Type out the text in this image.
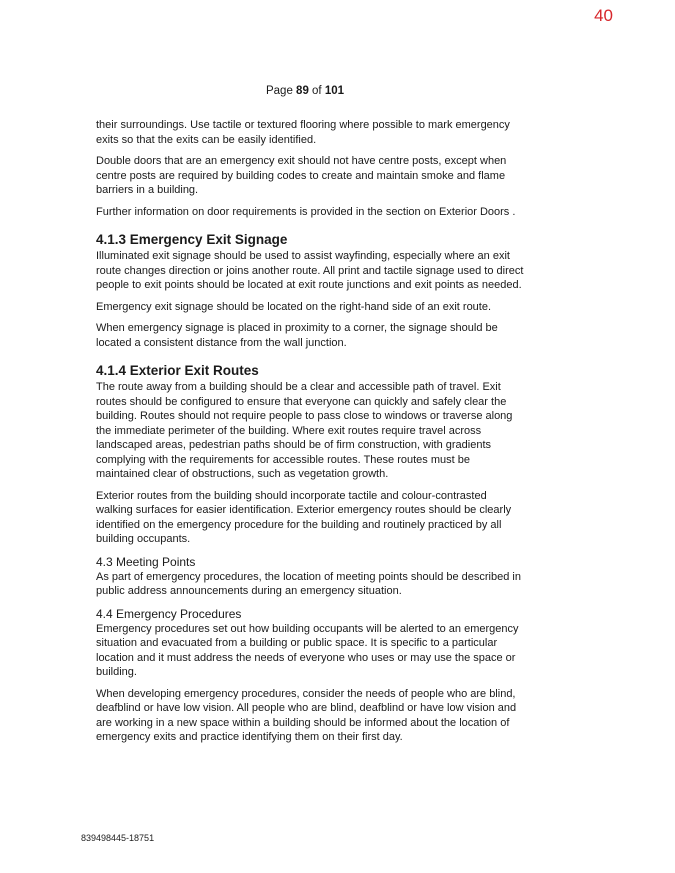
40
Page 89 of 101

their surroundings. Use tactile or textured flooring where possible to mark emergency exits so that the exits can be easily identified.

Double doors that are an emergency exit should not have centre posts, except when centre posts are required by building codes to create and maintain smoke and flame barriers in a building.

Further information on door requirements is provided in the section on Exterior Doors .

4.1.3 Emergency Exit Signage

Illuminated exit signage should be used to assist wayfinding, especially where an exit route changes direction or joins another route. All print and tactile signage used to direct people to exit points should be located at exit route junctions and exit points as needed.

Emergency exit signage should be located on the right-hand side of an exit route.

When emergency signage is placed in proximity to a corner, the signage should be located a consistent distance from the wall junction.

4.1.4 Exterior Exit Routes

The route away from a building should be a clear and accessible path of travel. Exit routes should be configured to ensure that everyone can quickly and safely clear the building. Routes should not require people to pass close to windows or traverse along the immediate perimeter of the building. Where exit routes require travel across landscaped areas, pedestrian paths should be of firm construction, with gradients complying with the requirements for accessible routes. These routes must be maintained clear of obstructions, such as vegetation growth.

Exterior routes from the building should incorporate tactile and colour-contrasted walking surfaces for easier identification. Exterior emergency routes should be clearly identified on the emergency procedure for the building and routinely practiced by all building occupants.

4.3 Meeting Points

As part of emergency procedures, the location of meeting points should be described in public address announcements during an emergency situation.

4.4 Emergency Procedures

Emergency procedures set out how building occupants will be alerted to an emergency situation and evacuated from a building or public space. It is specific to a particular location and it must address the needs of everyone who uses or may use the space or building.

When developing emergency procedures, consider the needs of people who are blind, deafblind or have low vision. All people who are blind, deafblind or have low vision and are working in a new space within a building should be informed about the location of emergency exits and practice identifying them on their first day.

839498445-18751
